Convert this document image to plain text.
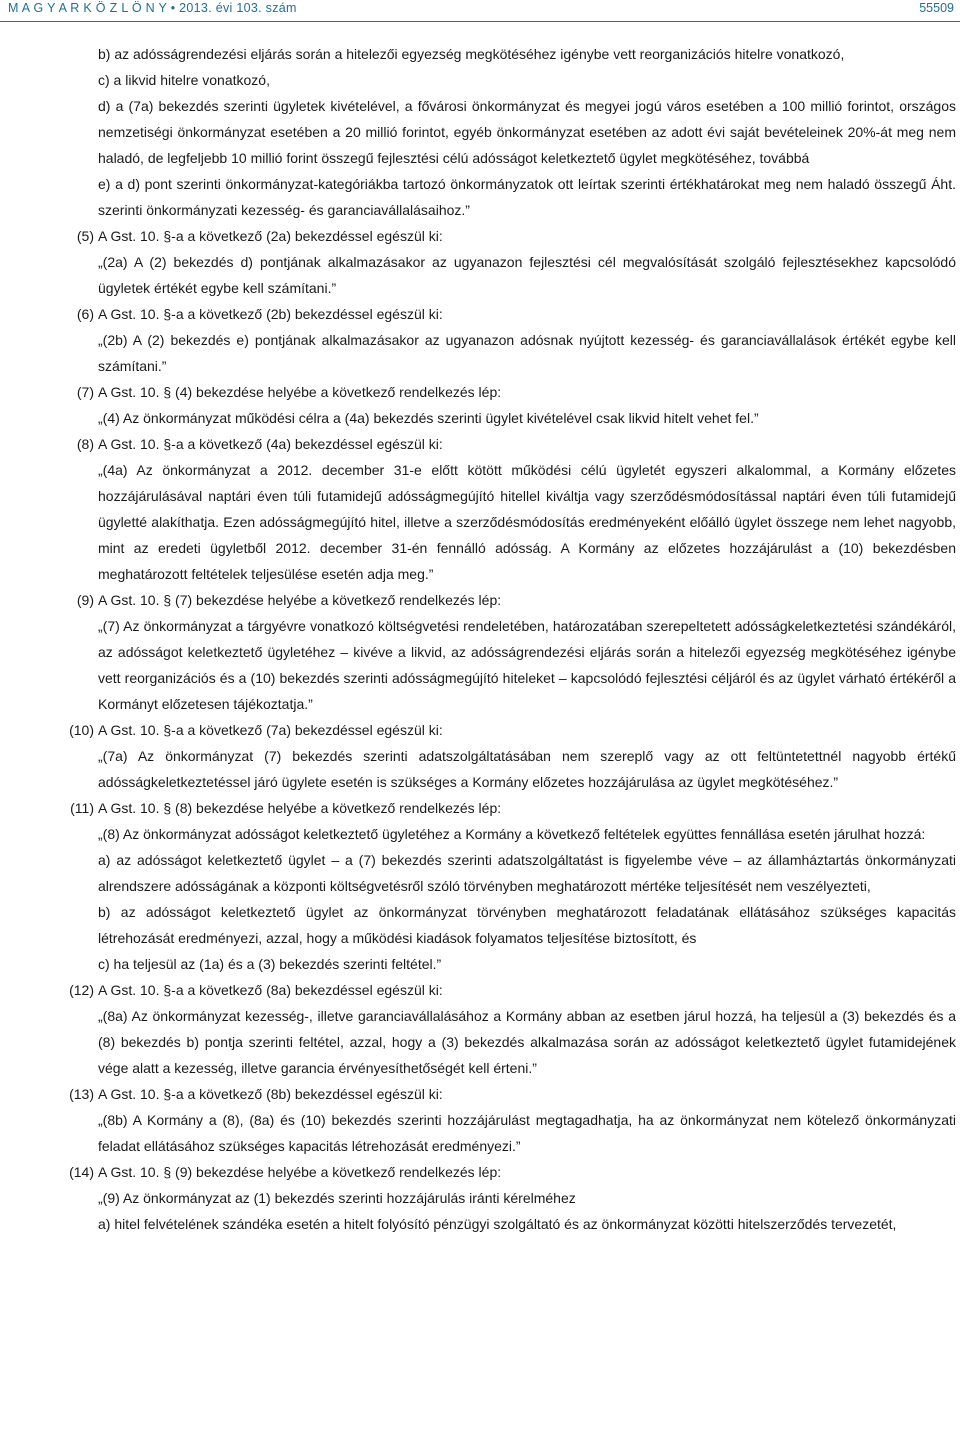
M A G Y A R K Ö Z L Ö N Y • 2013. évi 103. szám	55509
b) az adósságrendezési eljárás során a hitelezői egyezség megkötéséhez igénybe vett reorganizációs hitelre vonatkozó,
c) a likvid hitelre vonatkozó,
d) a (7a) bekezdés szerinti ügyletek kivételével, a fővárosi önkormányzat és megyei jogú város esetében a 100 millió forintot, országos nemzetiségi önkormányzat esetében a 20 millió forintot, egyéb önkormányzat esetében az adott évi saját bevételeinek 20%-át meg nem haladó, de legfeljebb 10 millió forint összegű fejlesztési célú adósságot keletkeztető ügylet megkötéséhez, továbbá
e) a d) pont szerinti önkormányzat-kategóriákba tartozó önkormányzatok ott leírtak szerinti értékhatárokat meg nem haladó összegű Áht. szerinti önkormányzati kezesség- és garanciavállalásaihoz.”
(5) A Gst. 10. §-a a következő (2a) bekezdéssel egészül ki:
„(2a) A (2) bekezdés d) pontjának alkalmazásakor az ugyanazon fejlesztési cél megvalósítását szolgáló fejlesztésekhez kapcsolódó ügyletek értékét egybe kell számítani.”
(6) A Gst. 10. §-a a következő (2b) bekezdéssel egészül ki:
„(2b) A (2) bekezdés e) pontjának alkalmazásakor az ugyanazon adósnak nyújtott kezesség- és garanciavállalások értékét egybe kell számítani.”
(7) A Gst. 10. § (4) bekezdése helyébe a következő rendelkezés lép:
„(4) Az önkormányzat működési célra a (4a) bekezdés szerinti ügylet kivételével csak likvid hitelt vehet fel.”
(8) A Gst. 10. §-a a következő (4a) bekezdéssel egészül ki:
„(4a) Az önkormányzat a 2012. december 31-e előtt kötött működési célú ügyletét egyszeri alkalommal, a Kormány előzetes hozzájárulásával naptári éven túli futamidejű adósságmegújító hitellel kiváltja vagy szerződésmódosítással naptári éven túli futamidejű ügyletté alakíthatja. Ezen adósságmegújító hitel, illetve a szerződésmódosítás eredményeként előálló ügylet összege nem lehet nagyobb, mint az eredeti ügyletből 2012. december 31-én fennálló adósság. A Kormány az előzetes hozzájárulást a (10) bekezdésben meghatározott feltételek teljesülése esetén adja meg.”
(9) A Gst. 10. § (7) bekezdése helyébe a következő rendelkezés lép:
„(7) Az önkormányzat a tárgyévre vonatkozó költségvetési rendeletében, határozatában szerepeltetett adósságkeletkeztetési szándékáról, az adósságot keletkeztető ügyletéhez – kivéve a likvid, az adósságrendezési eljárás során a hitelezői egyezség megkötéséhez igénybe vett reorganizációs és a (10) bekezdés szerinti adósságmegújító hiteleket – kapcsolódó fejlesztési céljáról és az ügylet várható értékéről a Kormányt előzetesen tájékoztatja.”
(10) A Gst. 10. §-a a következő (7a) bekezdéssel egészül ki:
„(7a) Az önkormányzat (7) bekezdés szerinti adatszolgáltatásában nem szereplő vagy az ott feltüntetettnél nagyobb értékű adósságkeletkeztetéssel járó ügylete esetén is szükséges a Kormány előzetes hozzájárulása az ügylet megkötéséhez.”
(11) A Gst. 10. § (8) bekezdése helyébe a következő rendelkezés lép:
„(8) Az önkormányzat adósságot keletkeztető ügyletéhez a Kormány a következő feltételek együttes fennállása esetén járulhat hozzá:
a) az adósságot keletkeztető ügylet – a (7) bekezdés szerinti adatszolgáltatást is figyelembe véve – az államháztartás önkormányzati alrendszere adósságának a központi költségvetésről szóló törvényben meghatározott mértéke teljesítését nem veszélyezteti,
b) az adósságot keletkeztető ügylet az önkormányzat törvényben meghatározott feladatának ellátásához szükséges kapacitás létrehozását eredményezi, azzal, hogy a működési kiadások folyamatos teljesítése biztosított, és
c) ha teljesül az (1a) és a (3) bekezdés szerinti feltétel.”
(12) A Gst. 10. §-a a következő (8a) bekezdéssel egészül ki:
„(8a) Az önkormányzat kezesség-, illetve garanciavállalásához a Kormány abban az esetben járul hozzá, ha teljesül a (3) bekezdés és a (8) bekezdés b) pontja szerinti feltétel, azzal, hogy a (3) bekezdés alkalmazása során az adósságot keletkeztető ügylet futamidejének vége alatt a kezesség, illetve garancia érvényesíthetőségét kell érteni.”
(13) A Gst. 10. §-a a következő (8b) bekezdéssel egészül ki:
„(8b) A Kormány a (8), (8a) és (10) bekezdés szerinti hozzájárulást megtagadhatja, ha az önkormányzat nem kötelező önkormányzati feladat ellátásához szükséges kapacitás létrehozását eredményezi.”
(14) A Gst. 10. § (9) bekezdése helyébe a következő rendelkezés lép:
„(9) Az önkormányzat az (1) bekezdés szerinti hozzájárulás iránti kérelméhez
a) hitel felvételének szándéka esetén a hitelt folyósító pénzügyi szolgáltató és az önkormányzat közötti hitelszerződés tervezetét,
